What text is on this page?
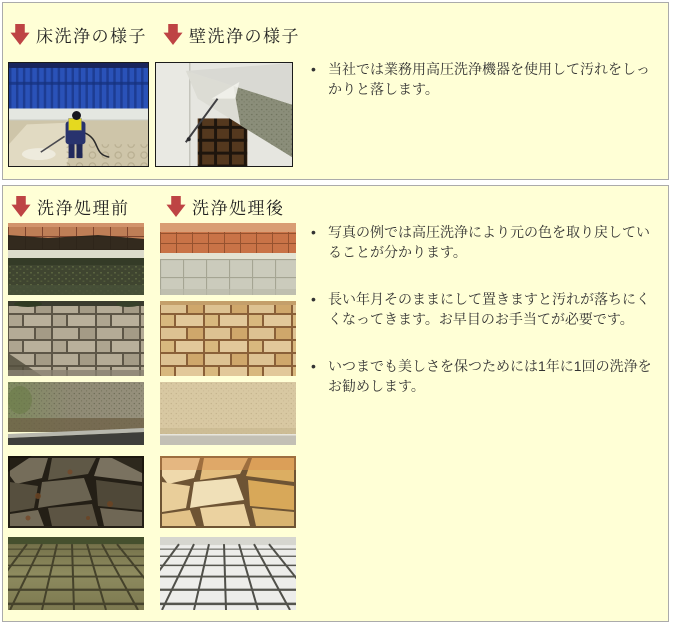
床洗浄の様子 壁洗浄の様子
• 当社では業務用高圧洗浄機器を使用して汚れをしっかりと落します。
洗浄処理前	洗浄処理後
• 写真の例では高圧洗浄により元の色を取り戻していることが分かります。
• 長い年月そのままにして置きますと汚れが落ちにくくなってきます。お早目のお手当てが必要です。
• いつまでも美しさを保つためには1年に1回の洗浄をお勧めします。
